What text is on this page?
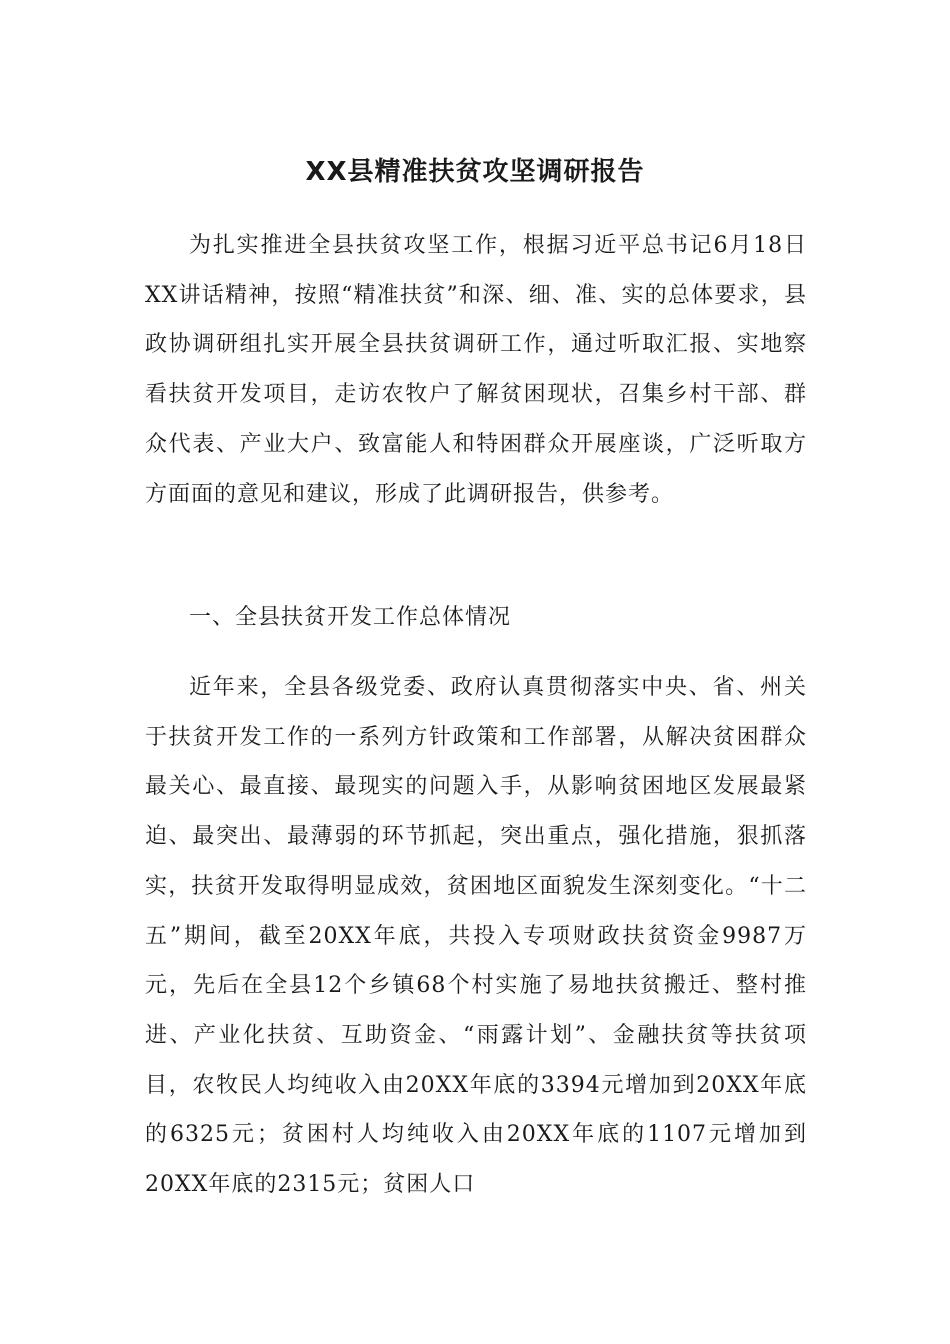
XX县精准扶贫攻坚调研报告

为扎实推进全县扶贫攻坚工作，根据习近平总书记6月18日XX讲话精神，按照“精准扶贫”和深、细、准、实的总体要求，县政协调研组扎实开展全县扶贫调研工作，通过听取汇报、实地察看扶贫开发项目，走访农牧户了解贫困现状，召集乡村干部、群众代表、产业大户、致富能人和特困群众开展座谈，广泛听取方方面面的意见和建议，形成了此调研报告，供参考。

一、全县扶贫开发工作总体情况

近年来，全县各级党委、政府认真贯彻落实中央、省、州关于扶贫开发工作的一系列方针政策和工作部署，从解决贫困群众最关心、最直接、最现实的问题入手，从影响贫困地区发展最紧迫、最突出、最薄弱的环节抓起，突出重点，强化措施，狠抓落实，扶贫开发取得明显成效，贫困地区面貌发生深刻变化。“十二五”期间，截至20XX年底，共投入专项财政扶贫资金9987万元，先后在全县12个乡镇68个村实施了易地扶贫搬迁、整村推进、产业化扶贫、互助资金、“雨露计划”、金融扶贫等扶贫项目，农牧民人均纯收入由20XX年底的3394元增加到20XX年底的6325元；贫困村人均纯收入由20XX年底的1107元增加到20XX年底的2315元；贫困人口
